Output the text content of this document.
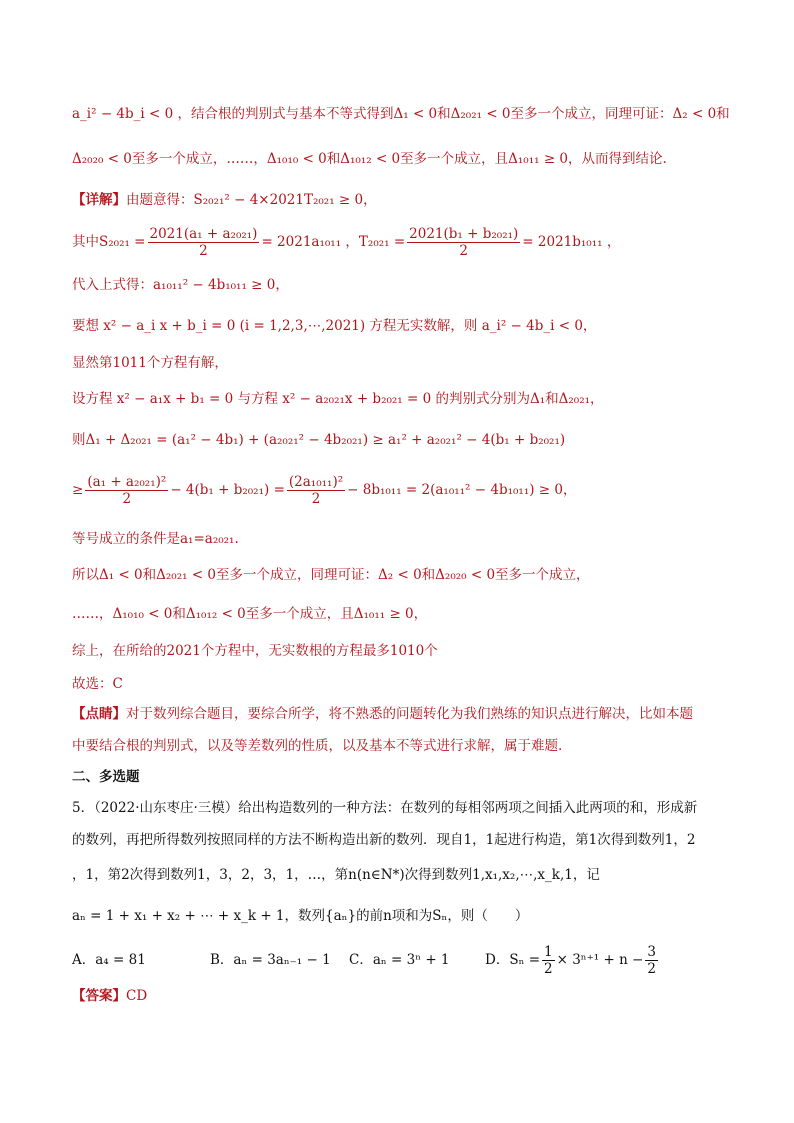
a_i² − 4b_i < 0 ，结合根的判别式与基本不等式得到Δ₁ < 0和Δ₂₀₂₁ < 0至多一个成立，同理可证：Δ₂ < 0和
Δ₂₀₂₀ < 0至多一个成立，……，Δ₁₀₁₀ < 0和Δ₁₀₁₂ < 0至多一个成立，且Δ₁₀₁₁ ≥ 0，从而得到结论.
【详解】由题意得：S₂₀₂₁² − 4×2021T₂₀₂₁ ≥ 0，
其中 $S_{2021} = \frac{\text{2021(a₁ + a₂₀₂₁)}}{2} = 2021a_{1011}$ ，$T_{2021} = \frac{\text{2021(b₁ + b₂₀₂₁)}}{2} = 2021b_{1011}$ ，
代入上式得：a₁₀₁₁² − 4b₁₀₁₁ ≥ 0，
要想 x² − a_i x + b_i = 0 (i = 1,2,3,⋯,2021) 方程无实数解，则 a_i² − 4b_i < 0，
显然第1011个方程有解，
设方程 x² − a₁x + b₁ = 0 与方程 x² − a₂₀₂₁x + b₂₀₂₁ = 0 的判别式分别为Δ₁和Δ₂₀₂₁，
则Δ₁ + Δ₂₀₂₁ = (a₁² − 4b₁) + (a₂₀₂₁² − 4b₂₀₂₁) ≥ a₁² + a₂₀₂₁² − 4(b₁ + b₂₀₂₁)
≥ $\frac{\text{(a₁ + a₂₀₂₁)²}}{2} - 4(b_1 + b_{2021}) = \frac{\text{(2a₁₀₁₁)²}}{2} - 8b_{1011} = 2(a_{1011}^2 - 4b_{1011}) \ge 0$，
等号成立的条件是a₁=a₂₀₂₁.
所以Δ₁ < 0和Δ₂₀₂₁ < 0至多一个成立，同理可证：Δ₂ < 0和Δ₂₀₂₀ < 0至多一个成立，
……，Δ₁₀₁₀ < 0和Δ₁₀₁₂ < 0至多一个成立，且Δ₁₀₁₁ ≥ 0，
综上，在所给的2021个方程中，无实数根的方程最多1010个
故选：C
【点睛】对于数列综合题目，要综合所学，将不熟悉的问题转化为我们熟练的知识点进行解决，比如本题
中要结合根的判别式，以及等差数列的性质，以及基本不等式进行求解，属于难题.
二、多选题
5．（2022·山东枣庄·三模）给出构造数列的一种方法：在数列的每相邻两项之间插入此两项的和，形成新
的数列，再把所得数列按照同样的方法不断构造出新的数列．现自1，1起进行构造，第1次得到数列1，2
，1，第2次得到数列1，3，2，3，1，…，第n(n∈N*)次得到数列1,x₁,x₂,⋯,x_k,1，记
aₙ = 1 + x₁ + x₂ + ⋯ + x_k + 1，数列{aₙ}的前n项和为Sₙ，则（　　）
A．a₄ = 81	B．aₙ = 3aₙ₋₁ − 1	C．aₙ = 3ⁿ + 1	D．$S_n = \frac{1}{2} \times 3^{n+1} + n - \frac{3}{2}$
【答案】CD
